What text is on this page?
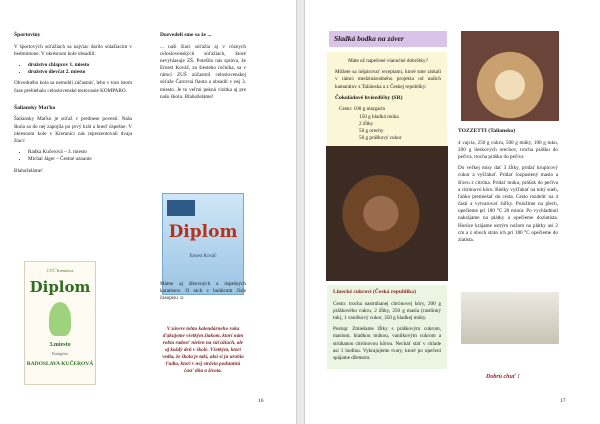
Športoviny

V športových súťažiach sa najviac darilo sútažiacim v bedmintone. V okresnom kole obsadili:

• družstvo chlapcov 1. miesto
• družstvo dievčat 2. miesto

Obvodného kola sa nemohli zúčastniť, lebo v tom istom čase prebiehalo celoslovenské testovanie KOMPARO.

Šaliansky Maťko

Šaliansky Maťko je súťaž v prednese povestí. Naša škola sa do nej zapojila po prvý krát a hneď úspešne. V okresnom kole v Kremnici nás reprezentovali dvaja žiaci:

• Radka Kučerová – 3. miesto
• Michal Jáger – Čestné uznanie

Blahoželáme!

CVČ Kremnica
Diplom
3.miesto
Kategória
RADOSLAVA KUČEROVÁ
Dozvedeli sme sa že ...

... naši žiaci súťažia aj v rôznych celoslovenských súťažiach, ktoré nevyhlasuje ZŠ. Potešila nás správa, že Ernest Kováč, zo šiesteho ročníka, sa v rámci ZUŠ zúčastnil celoslovenskej súťaže Čarovná flauta a obsadil v nej 3. miesto. Je to veľmi pekná vizitka aj pre našu školu. Blahoželáme!

Diplom
Ernest Kováč

Máme aj šikovných a úspešných karatistov. O nich v budúcom čísle časopisu ☺

V závere tohto kalendárneho roka ďakujeme všetkým žiakom, ktorí nám robia radosť nielen na súťažiach, ale aj každý deň v škole. Všetkým, ktorí vedia, že škola je takí, akú si ju urobia ľudia, ktorí v nej strávia podstatnú časť dňa a života.
16
Sladká bodka na záver

Máte už napečené vianočné dobrôtky?

Môžete sa inšpirovať receptami, ktoré sme získali v rámci medzinárodného projektu od našich kamarátov z Taliánska a z Českej republiky:

Čokoládové hviezdičky (SR)
Cesto: 100 g margarín
150 g hladká múka
2 žĺtky
50 g orechy
50 g práškový cukor

Linecké cukroví (Česká republika)

Cesto: trocha nastrúhanej citrónovej kôry, 200 g práškového cukru, 2 žĺtky, 250 g masla (rastlinný tuk), 1 vanilkový cukor, 350 g hladkej múky.

Postup: Zmiešame žĺtky s práškovým cukrom, maslom, hladkou múkou, vanilkovým cukrom a strúhanou citrónovou kôrou. Necháť stáť v chlade asi 1 hodinu. Vykrajujeme tvary, ktoré po upečení spájame džemom.

TOZZETTI (Taliansko)

4 vajcia, 250 g cukru, 500 g múky, 100 g tuku, 200 g lieskových orechov, trocha prášku do pečiva, trocha prášku do pečiva

Do veľkej misy dať 3 žĺtky, pridať krupicový cukor a vyšľahať. Pridať rozpustený maslo a šťavu z citróna. Pridať múku, prášok do pečiva a citrónovú kôru. Bielky vyšľahať na tuhý sneh, ľahko premiešať do cesta. Cesto rozdeliť na 4 časti a vytvarovať šúľky. Položíme na plech, upečieme pri 180 °C 20 minút. Po vychladnutí nakrájame na plátky a opečieme dozlatista. Horúce krájame ostrým nožom na plátky asi 2 cm a z oboch strán ich pri 180 °C opečieme do zlatista.

Dobrú chuť !
17
